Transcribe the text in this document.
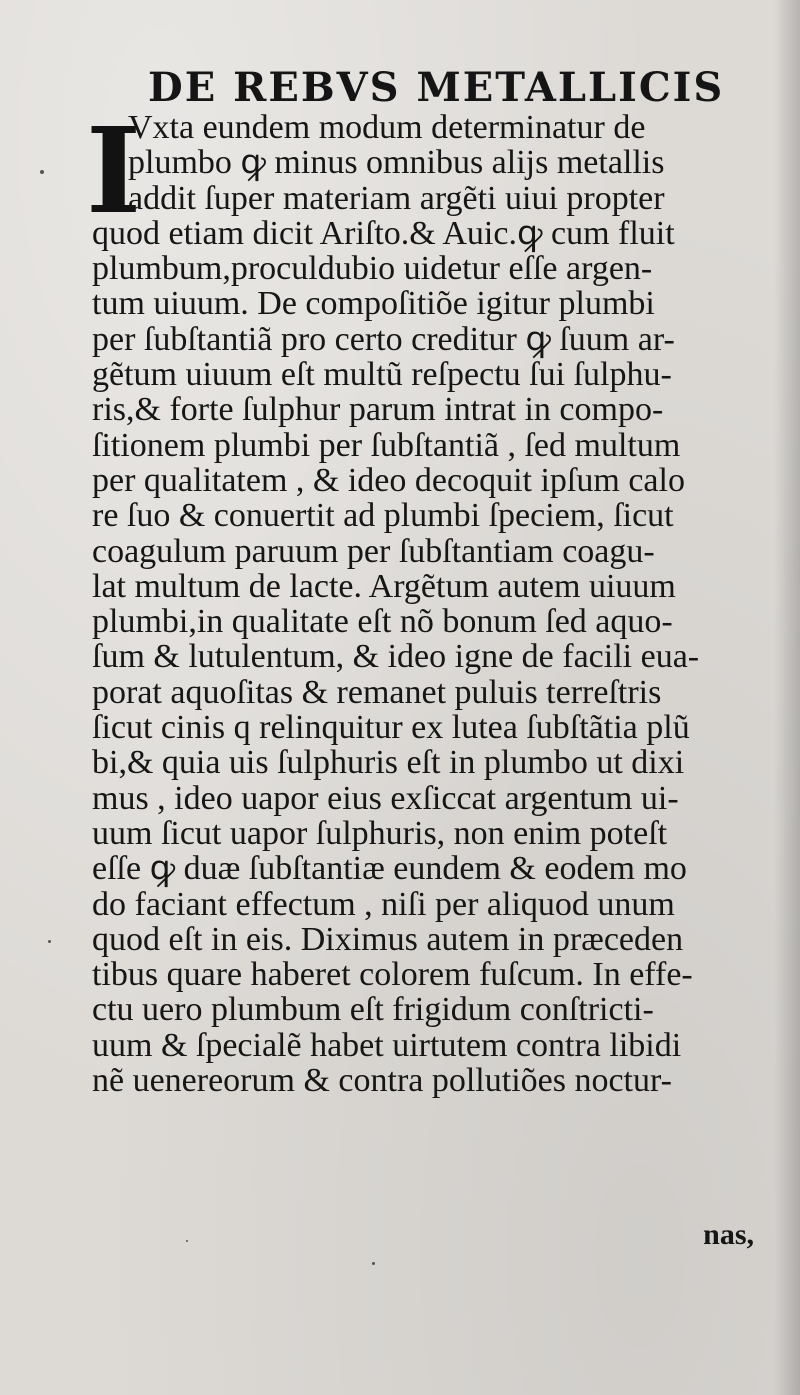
DE REBVS METALLICIS
I
Vxta eundem modum determinatur de
plumbo ꝙ minus omnibus alijs metallis
addit ſuper materiam argẽti uiui propter
quod etiam dicit Ariſto.& Auic.ꝙ cum fluit
plumbum,proculdubio uidetur eſſe argen-
tum uiuum. De compoſitiõe igitur plumbi
per ſubſtantiã pro certo creditur ꝙ ſuum ar-
gẽtum uiuum eſt multũ reſpectu ſui ſulphu-
ris,& forte ſulphur parum intrat in compo-
ſitionem plumbi per ſubſtantiã , ſed multum
per qualitatem , & ideo decoquit ipſum calo
re ſuo & conuertit ad plumbi ſpeciem, ſicut
coagulum paruum per ſubſtantiam coagu-
lat multum de lacte. Argẽtum autem uiuum
plumbi,in qualitate eſt nõ bonum ſed aquo-
ſum & lutulentum, & ideo igne de facili eua-
porat aquoſitas & remanet puluis terreſtris
ſicut cinis q relinquitur ex lutea ſubſtãtia plũ
bi,& quia uis ſulphuris eſt in plumbo ut dixi
mus , ideo uapor eius exſiccat argentum ui-
uum ſicut uapor ſulphuris, non enim poteſt
eſſe ꝙ duæ ſubſtantiæ eundem & eodem mo
do faciant effectum , niſi per aliquod unum
quod eſt in eis. Diximus autem in præceden
tibus quare haberet colorem fuſcum. In effe-
ctu uero plumbum eſt frigidum conſtricti-
uum & ſpecialẽ habet uirtutem contra libidi
nẽ uenereorum & contra pollutiões noctur-
nas,
